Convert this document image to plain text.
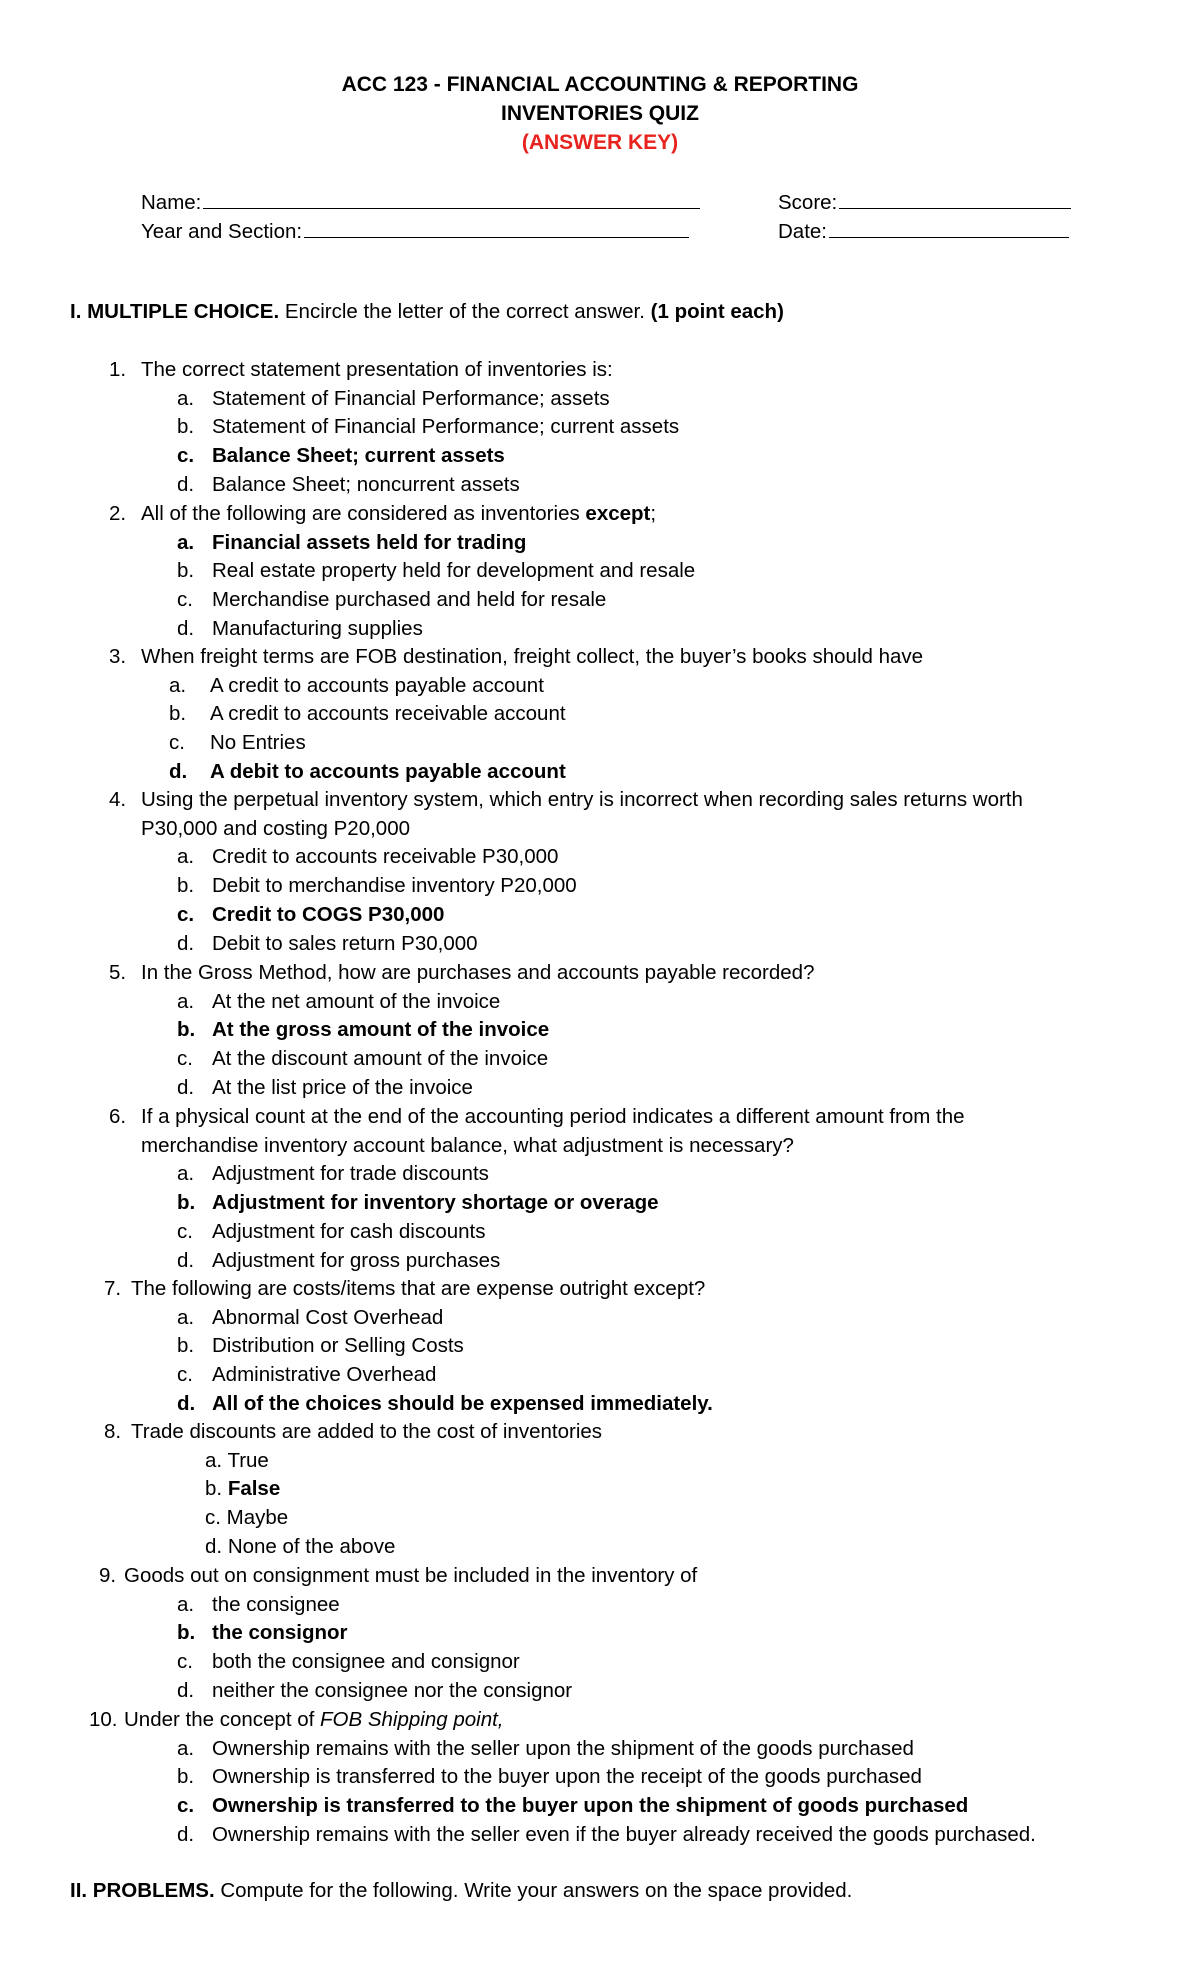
ACC 123 - FINANCIAL ACCOUNTING & REPORTING
INVENTORIES QUIZ
(ANSWER KEY)
Name:
Year and Section:
Score:
Date:
I. MULTIPLE CHOICE. Encircle the letter of the correct answer. (1 point each)
1. The correct statement presentation of inventories is:
a. Statement of Financial Performance; assets
b. Statement of Financial Performance; current assets
c. Balance Sheet; current assets
d. Balance Sheet; noncurrent assets
2. All of the following are considered as inventories except;
a. Financial assets held for trading
b. Real estate property held for development and resale
c. Merchandise purchased and held for resale
d. Manufacturing supplies
3. When freight terms are FOB destination, freight collect, the buyer’s books should have
a. A credit to accounts payable account
b. A credit to accounts receivable account
c. No Entries
d. A debit to accounts payable account
4. Using the perpetual inventory system, which entry is incorrect when recording sales returns worth
P30,000 and costing P20,000
a. Credit to accounts receivable P30,000
b. Debit to merchandise inventory P20,000
c. Credit to COGS P30,000
d. Debit to sales return P30,000
5. In the Gross Method, how are purchases and accounts payable recorded?
a. At the net amount of the invoice
b. At the gross amount of the invoice
c. At the discount amount of the invoice
d. At the list price of the invoice
6. If a physical count at the end of the accounting period indicates a different amount from the
merchandise inventory account balance, what adjustment is necessary?
a. Adjustment for trade discounts
b. Adjustment for inventory shortage or overage
c. Adjustment for cash discounts
d. Adjustment for gross purchases
7. The following are costs/items that are expense outright except?
a. Abnormal Cost Overhead
b. Distribution or Selling Costs
c. Administrative Overhead
d. All of the choices should be expensed immediately.
8. Trade discounts are added to the cost of inventories
a. True
b. False
c. Maybe
d. None of the above
9. Goods out on consignment must be included in the inventory of
a. the consignee
b. the consignor
c. both the consignee and consignor
d. neither the consignee nor the consignor
10. Under the concept of FOB Shipping point,
a. Ownership remains with the seller upon the shipment of the goods purchased
b. Ownership is transferred to the buyer upon the receipt of the goods purchased
c. Ownership is transferred to the buyer upon the shipment of goods purchased
d. Ownership remains with the seller even if the buyer already received the goods purchased.
II. PROBLEMS. Compute for the following. Write your answers on the space provided.
